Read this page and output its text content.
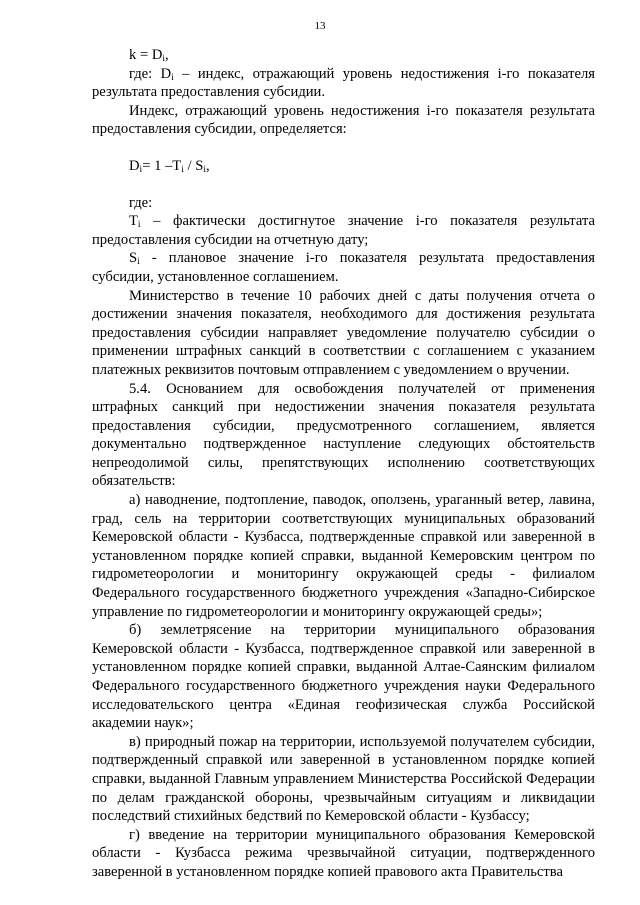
13

$k = D_i$,

где: $D_i$ – индекс, отражающий уровень недостижения i-го показателя результата предоставления субсидии.

Индекс, отражающий уровень недостижения i-го показателя результата предоставления субсидии, определяется:

$D_i= 1$ $-T_i / S_i$,

где:

$T_i$ – фактически достигнутое значение i-го показателя результата предоставления субсидии на отчетную дату;

$S_i$ - плановое значение i-го показателя результата предоставления субсидии, установленное соглашением.

Министерство в течение 10 рабочих дней с даты получения отчета о достижении значения показателя, необходимого для достижения результата предоставления субсидии направляет уведомление получателю субсидии о применении штрафных санкций в соответствии с соглашением с указанием платежных реквизитов почтовым отправлением с уведомлением о вручении.

5.4. Основанием для освобождения получателей от применения штрафных санкций при недостижении значения показателя результата предоставления субсидии, предусмотренного соглашением, является документально подтвержденное наступление следующих обстоятельств непреодолимой силы, препятствующих исполнению соответствующих обязательств:

а) наводнение, подтопление, паводок, оползень, ураганный ветер, лавина, град, сель на территории соответствующих муниципальных образований Кемеровской области - Кузбасса, подтвержденные справкой или заверенной в установленном порядке копией справки, выданной Кемеровским центром по гидрометеорологии и мониторингу окружающей среды - филиалом Федерального государственного бюджетного учреждения «Западно-Сибирское управление по гидрометеорологии и мониторингу окружающей среды»;

б) землетрясение на территории муниципального образования Кемеровской области - Кузбасса, подтвержденное справкой или заверенной в установленном порядке копией справки, выданной Алтае-Саянским филиалом Федерального государственного бюджетного учреждения науки Федерального исследовательского центра «Единая геофизическая служба Российской академии наук»;

в) природный пожар на территории, используемой получателем субсидии, подтвержденный справкой или заверенной в установленном порядке копией справки, выданной Главным управлением Министерства Российской Федерации по делам гражданской обороны, чрезвычайным ситуациям и ликвидации последствий стихийных бедствий по Кемеровской области - Кузбассу;

г) введение на территории муниципального образования Кемеровской области - Кузбасса режима чрезвычайной ситуации, подтвержденного заверенной в установленном порядке копией правового акта Правительства
